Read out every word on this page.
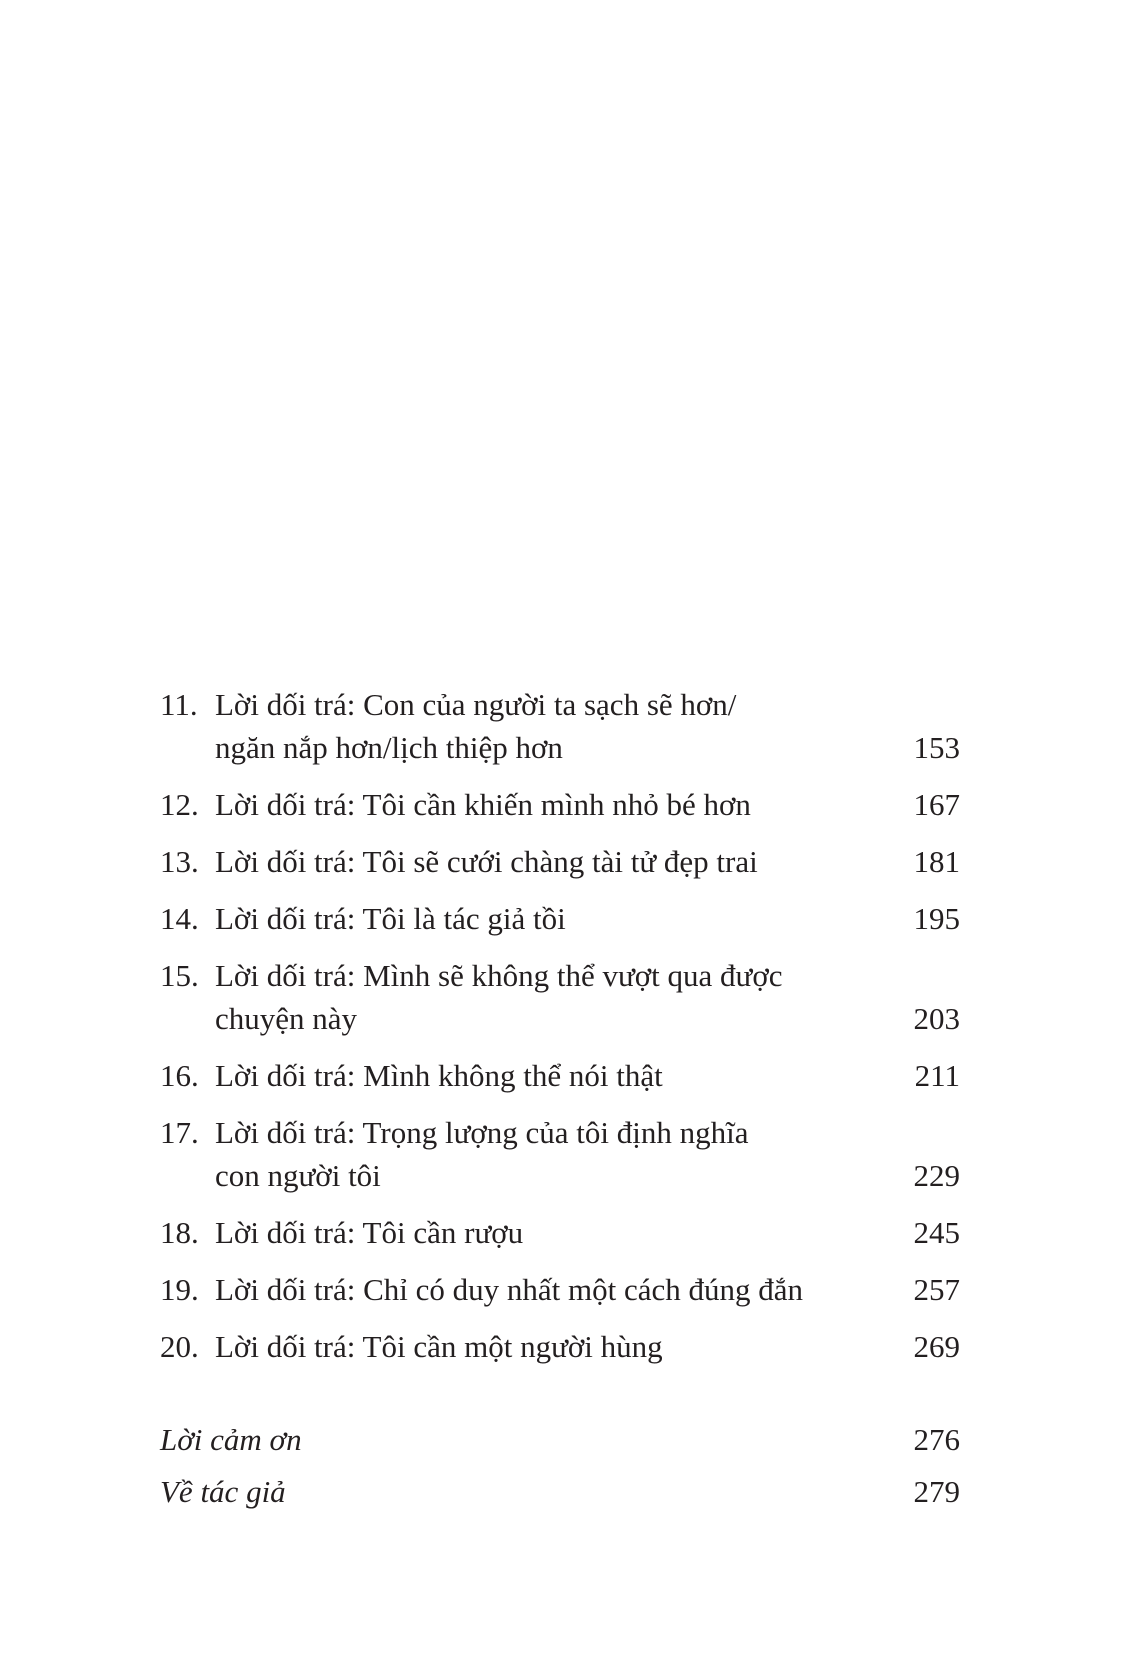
11. Lời dối trá: Con của người ta sạch sẽ hơn/
ngăn nắp hơn/lịch thiệp hơn	153
12. Lời dối trá: Tôi cần khiến mình nhỏ bé hơn	167
13. Lời dối trá: Tôi sẽ cưới chàng tài tử đẹp trai	181
14. Lời dối trá: Tôi là tác giả tồi	195
15. Lời dối trá: Mình sẽ không thể vượt qua được
chuyện này	203
16. Lời dối trá: Mình không thể nói thật	211
17. Lời dối trá: Trọng lượng của tôi định nghĩa
con người tôi	229
18. Lời dối trá: Tôi cần rượu	245
19. Lời dối trá: Chỉ có duy nhất một cách đúng đắn	257
20. Lời dối trá: Tôi cần một người hùng	269
Lời cảm ơn	276
Về tác giả	279
